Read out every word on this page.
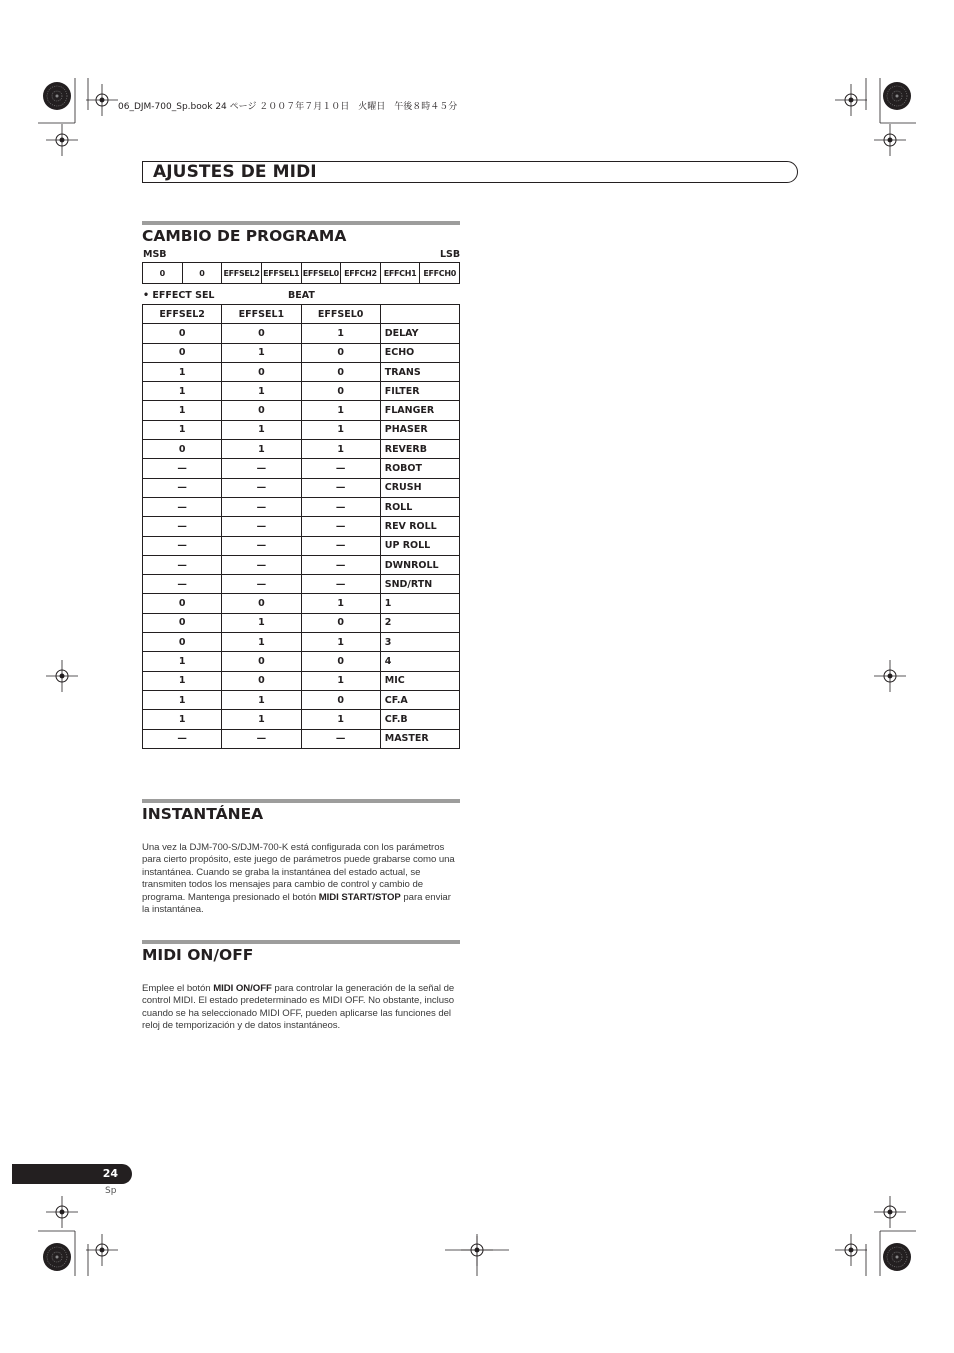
06_DJM-700_Sp.book 24 ページ ２００７年７月１０日　火曜日　午後８時４５分
AJUSTES DE MIDI
CAMBIO DE PROGRAMA
MSB	LSB
0	0	EFFSEL2	EFFSEL1	EFFSEL0	EFFCH2	EFFCH1	EFFCH0
• EFFECT SEL	BEAT
EFFSEL2	EFFSEL1	EFFSEL0	
0	0	1	DELAY
0	1	0	ECHO
1	0	0	TRANS
1	1	0	FILTER
1	0	1	FLANGER
1	1	1	PHASER
0	1	1	REVERB
—	—	—	ROBOT
—	—	—	CRUSH
—	—	—	ROLL
—	—	—	REV ROLL
—	—	—	UP ROLL
—	—	—	DWNROLL
—	—	—	SND/RTN
0	0	1	1
0	1	0	2
0	1	1	3
1	0	0	4
1	0	1	MIC
1	1	0	CF.A
1	1	1	CF.B
—	—	—	MASTER
INSTANTÁNEA
Una vez la DJM-700-S/DJM-700-K está configurada con los parámetros para cierto propósito, este juego de parámetros puede grabarse como una instantánea. Cuando se graba la instantánea del estado actual, se transmiten todos los mensajes para cambio de control y cambio de programa. Mantenga presionado el botón MIDI START/STOP para enviar la instantánea.
MIDI ON/OFF
Emplee el botón MIDI ON/OFF para controlar la generación de la señal de control MIDI. El estado predeterminado es MIDI OFF. No obstante, incluso cuando se ha seleccionado MIDI OFF, pueden aplicarse las funciones del reloj de temporización y de datos instantáneos.
24
Sp
